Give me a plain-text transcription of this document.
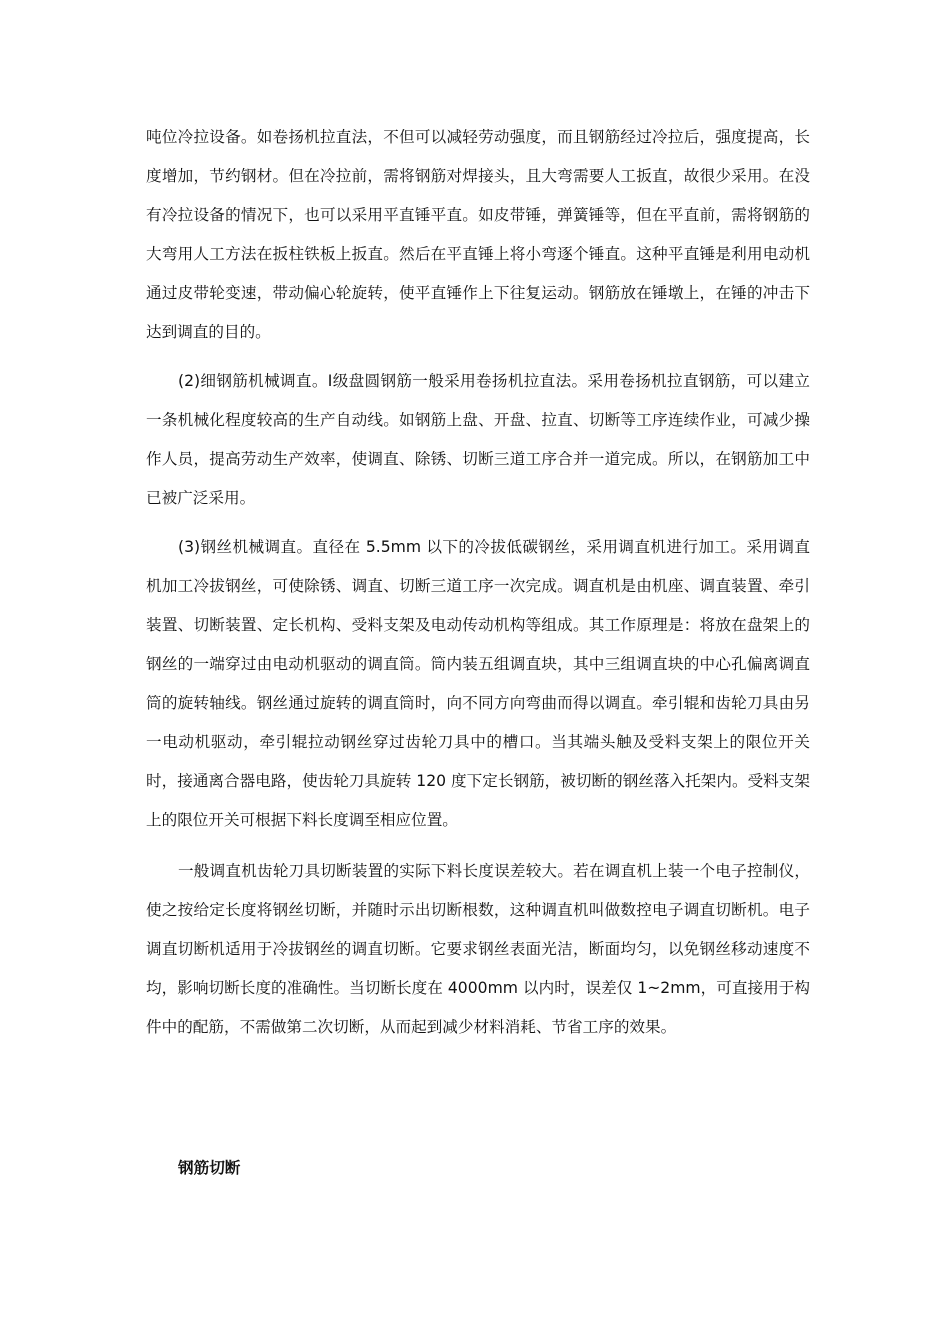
吨位冷拉设备。如卷扬机拉直法，不但可以减轻劳动强度，而且钢筋经过冷拉后，强度提高，长度增加，节约钢材。但在冷拉前，需将钢筋对焊接头，且大弯需要人工扳直，故很少采用。在没有冷拉设备的情况下，也可以采用平直锤平直。如皮带锤，弹簧锤等，但在平直前，需将钢筋的大弯用人工方法在扳柱铁板上扳直。然后在平直锤上将小弯逐个锤直。这种平直锤是利用电动机通过皮带轮变速，带动偏心轮旋转，使平直锤作上下往复运动。钢筋放在锤墩上，在锤的冲击下达到调直的目的。

(2)细钢筋机械调直。Ⅰ级盘圆钢筋一般采用卷扬机拉直法。采用卷扬机拉直钢筋，可以建立一条机械化程度较高的生产自动线。如钢筋上盘、开盘、拉直、切断等工序连续作业，可减少操作人员，提高劳动生产效率，使调直、除锈、切断三道工序合并一道完成。所以，在钢筋加工中已被广泛采用。

(3)钢丝机械调直。直径在 5.5mm 以下的冷拔低碳钢丝，采用调直机进行加工。采用调直机加工冷拔钢丝，可使除锈、调直、切断三道工序一次完成。调直机是由机座、调直装置、牵引装置、切断装置、定长机构、受料支架及电动传动机构等组成。其工作原理是：将放在盘架上的钢丝的一端穿过由电动机驱动的调直筒。筒内装五组调直块，其中三组调直块的中心孔偏离调直筒的旋转轴线。钢丝通过旋转的调直筒时，向不同方向弯曲而得以调直。牵引辊和齿轮刀具由另一电动机驱动，牵引辊拉动钢丝穿过齿轮刀具中的槽口。当其端头触及受料支架上的限位开关时，接通离合器电路，使齿轮刀具旋转 120 度下定长钢筋，被切断的钢丝落入托架内。受料支架上的限位开关可根据下料长度调至相应位置。

一般调直机齿轮刀具切断装置的实际下料长度误差较大。若在调直机上装一个电子控制仪，使之按给定长度将钢丝切断，并随时示出切断根数，这种调直机叫做数控电子调直切断机。电子调直切断机适用于冷拔钢丝的调直切断。它要求钢丝表面光洁，断面均匀，以免钢丝移动速度不均，影响切断长度的准确性。当切断长度在 4000mm 以内时，误差仅 1~2mm，可直接用于构件中的配筋，不需做第二次切断，从而起到减少材料消耗、节省工序的效果。

钢筋切断
